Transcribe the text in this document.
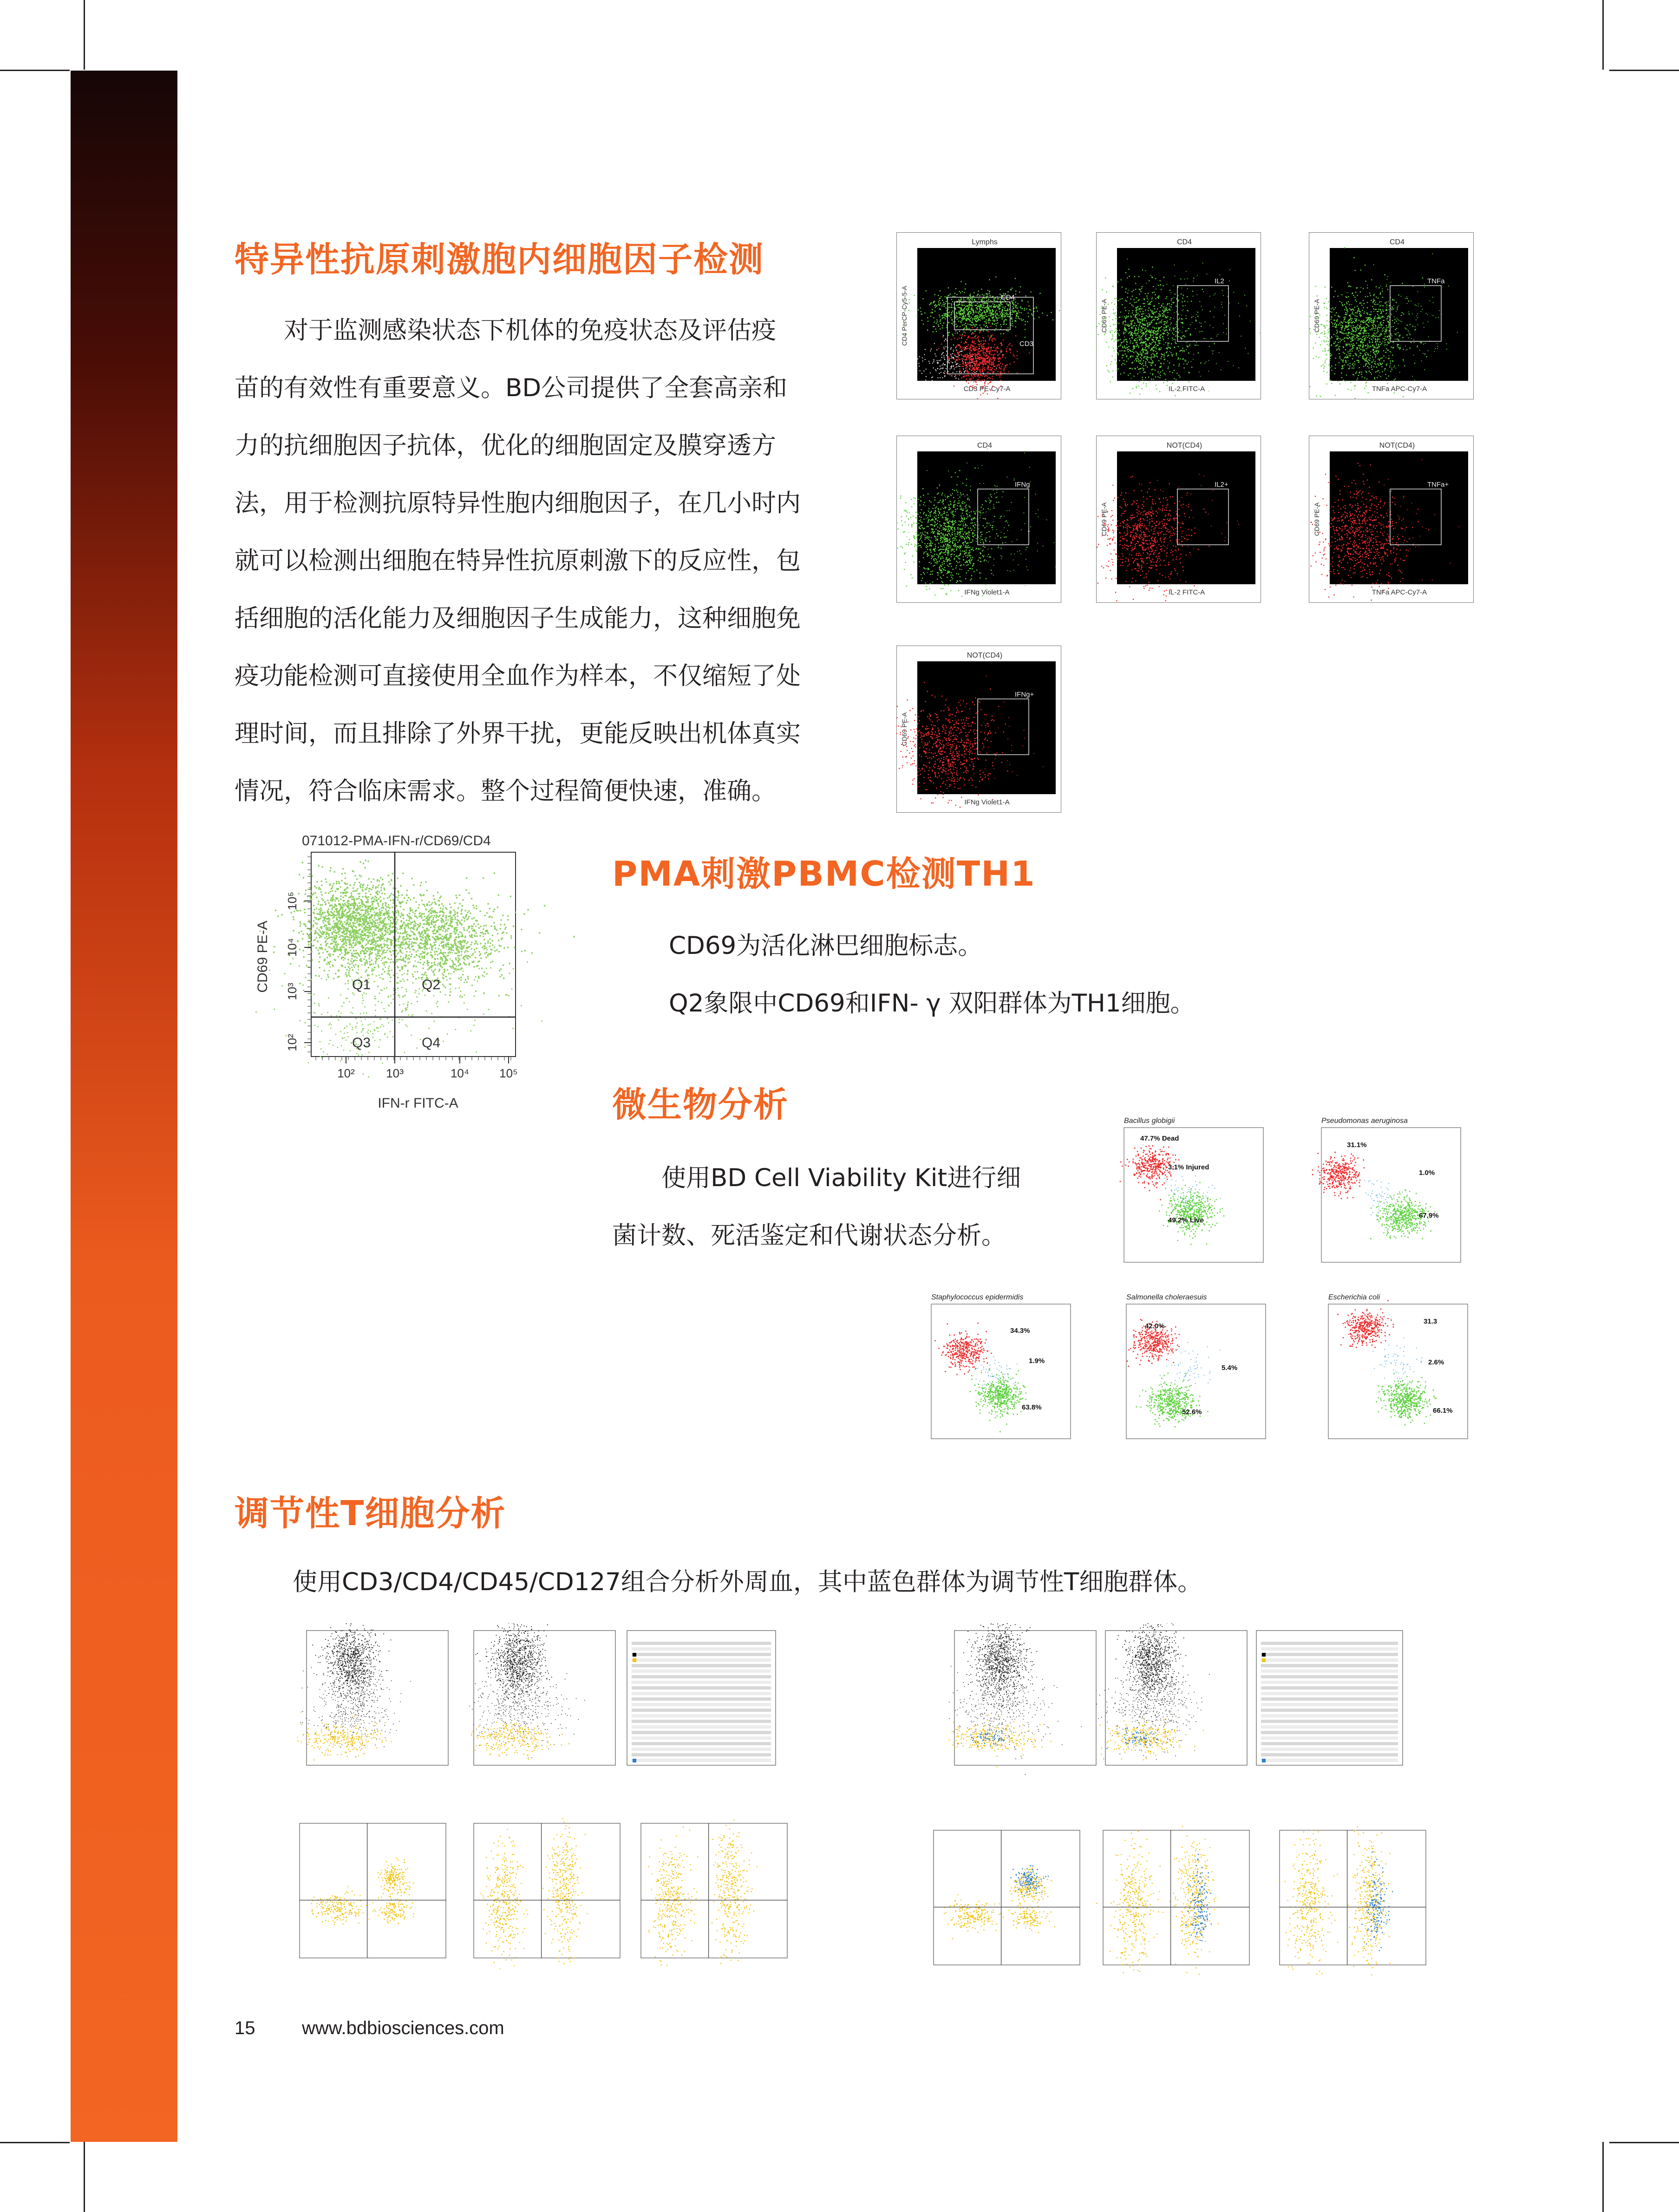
特异性抗原刺激胞内细胞因子检测
对于监测感染状态下机体的免疫状态及评估疫
苗的有效性有重要意义。BD公司提供了全套高亲和
力的抗细胞因子抗体，优化的细胞固定及膜穿透方
法，用于检测抗原特异性胞内细胞因子，在几小时内
就可以检测出细胞在特异性抗原刺激下的反应性，包
括细胞的活化能力及细胞因子生成能力，这种细胞免
疫功能检测可直接使用全血作为样本，不仅缩短了处
理时间，而且排除了外界干扰，更能反映出机体真实
情况，符合临床需求。整个过程简便快速，准确。
Lymphs
CD3 PE-Cy7-A
CD4 PerCP-Cy5-5-A	CD4
CD3
CD4
IL-2 FITC-A
CD69 PE-A
IL2
CD4
TNFa APC-Cy7-A
CD69 PE-A
TNFa
CD4
IFNg Violet1-A
IFNg
NOT(CD4)
IL-2 FITC-A
CD69 PE-A
IL2+
NOT(CD4)
TNFa APC-Cy7-A
CD69 PE-A
TNFa+
NOT(CD4)
IFNg Violet1-A
CD69 PE-A
IFNg+
071012-PMA-IFN-r/CD69/CD4
Q1	Q2
Q3	Q4
10²
10²
10³
10³
10⁴
10⁴
10⁵
10⁵
IFN-r FITC-A
CD69 PE-A
PMA刺激PBMC检测TH1
CD69为活化淋巴细胞标志。
Q2象限中CD69和IFN- γ 双阳群体为TH1细胞。
微生物分析
使用BD Cell Viability Kit进行细
菌计数、死活鉴定和代谢状态分析。
Bacillus globigii
47.7% Dead
3.1% Injured
49.2% Live
Pseudomonas aeruginosa
31.1%
1.0%
67.9%
Staphylococcus epidermidis
34.3%
1.9%
63.8%
Salmonella choleraesuis
42.0%
5.4%
52.6%
Escherichia coli
31.3
2.6%
66.1%
调节性T细胞分析
使用CD3/CD4/CD45/CD127组合分析外周血，其中蓝色群体为调节性T细胞群体。
15	www.bdbiosciences.com
